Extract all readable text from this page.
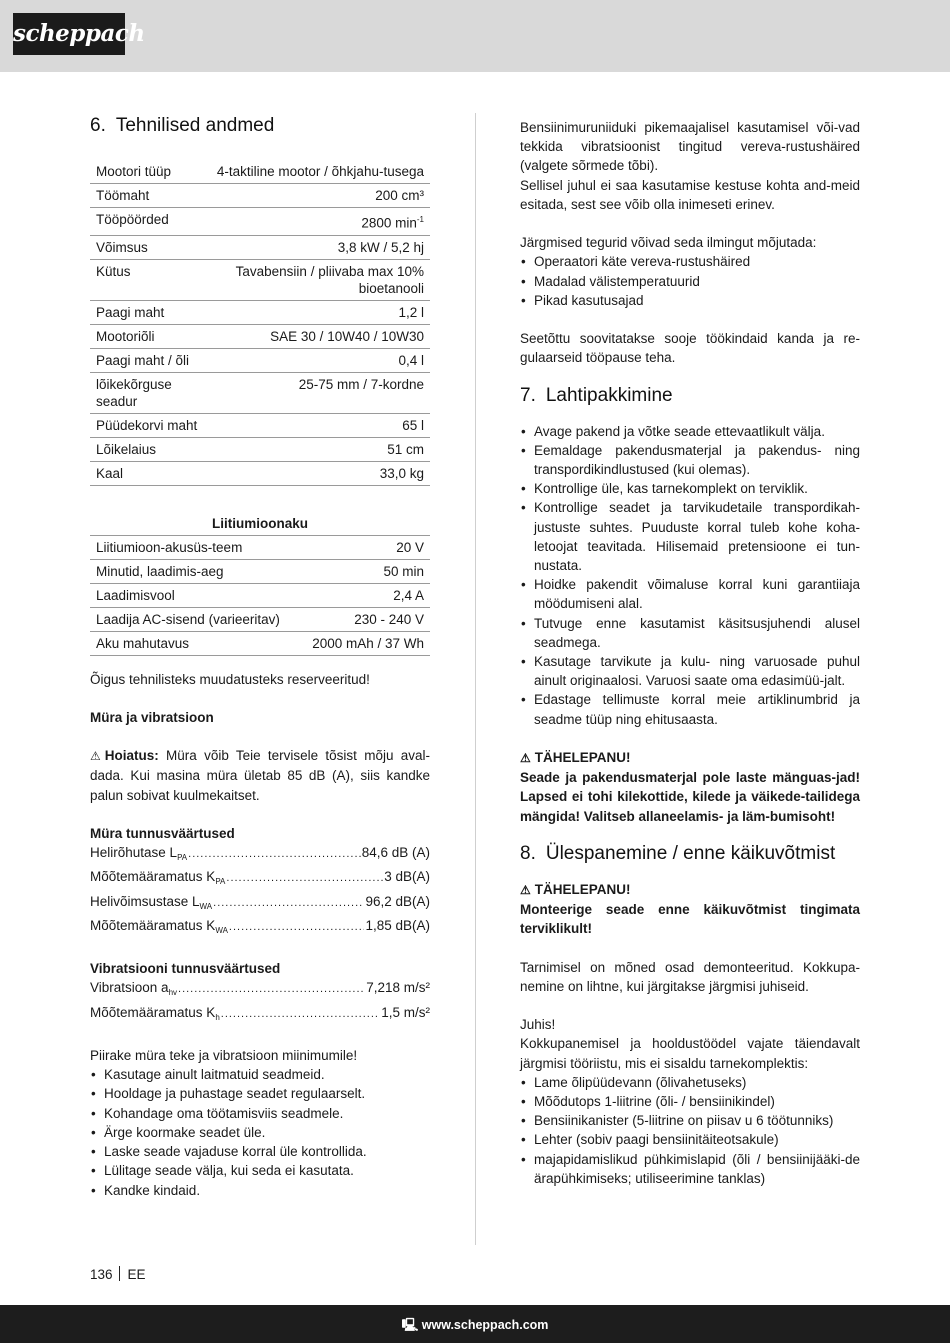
scheppach
6. Tehnilised andmed
Mootori tüüp	4-taktiline mootor / õhkjahu-tusega
Töömaht	200 cm³
Tööpöörded	2800 $\min^{-1}$
Võimsus	3,8 kW / 5,2 hj
Kütus	Tavabensiin / pliivaba max 10% bioetanooli
Paagi maht	1,2 l
Mootoriõli	SAE 30 / 10W40 / 10W30
Paagi maht / õli	0,4 l
lõikekõrguse seadur	25-75 mm / 7-kordne
Püüdekorvi maht	65 l
Lõikelaius	51 cm
Kaal	33,0 kg
Liitiumioonaku	
Liitiumioon-akusüs-teem	20 V
Minutid, laadimis-aeg	50 min
Laadimisvool	2,4 A
Laadija AC-sisend (varieeritav)	230 - 240 V
Aku mahutavus	2000 mAh / 37 Wh

Õigus tehnilisteks muudatusteks reserveeritud!

Müra ja vibratsioon

⚠ Hoiatus: Müra võib Teie tervisele tõsist mõju aval-dada. Kui masina müra ületab 85 dB (A), siis kandke palun sobivat kuulmekaitset.

Müra tunnusväärtused

Helirõhutase $L_{PA}$ .....	84,6 dB (A)
Mõõtemääramatus $K_{PA}$ .....	3 dB(A)
Helivõimsustase $L_{WA}$ .....	96,2 dB(A)
Mõõtemääramatus $K_{WA}$ .....	1,85 dB(A)

Vibratsiooni tunnusväärtused

Vibratsioon $a_{hv}$ .....	7,218 m/s²
Mõõtemääramatus $K_h$ .....	1,5 m/s²

Piirake müra teke ja vibratsioon miinimumile!

• Kasutage ainult laitmatuid seadmeid.
• Hooldage ja puhastage seadet regulaarselt.
• Kohandage oma töötamisviis seadmele.
• Ärge koormake seadet üle.
• Laske seade vajaduse korral üle kontrollida.
• Lülitage seade välja, kui seda ei kasutata.
• Kandke kindaid.

Bensiinimuruniiduki pikemaajalisel kasutamisel või-vad tekkida vibratsioonist tingitud vereva-rustushäired (valgete sõrmede tõbi).

Sellisel juhul ei saa kasutamise kestuse kohta and-meid esitada, sest see võib olla inimeseti erinev.

Järgmised tegurid võivad seda ilmingut mõjutada:

• Operaatori käte vereva-rustushäired
• Madalad välistemperatuurid
• Pikad kasutusajad

Seetõttu soovitatakse sooje töökindaid kanda ja re-gulaarseid tööpause teha.

7. Lahtipakkimine
• Avage pakend ja võtke seade ettevaatlikult välja.
• Eemaldage pakendusmaterjal ja pakendus- ning transpordikindlustused (kui olemas).
• Kontrollige üle, kas tarnekomplekt on terviklik.
• Kontrollige seadet ja tarvikudetaile transpordikah-justuste suhtes. Puuduste korral tuleb kohe koha-letoojat teavitada. Hilisemaid pretensioone ei tun-nustata.
• Hoidke pakendit võimaluse korral kuni garantiiaja möödumiseni alal.
• Tutvuge enne kasutamist käsitsusjuhendi alusel seadmega.
• Kasutage tarvikute ja kulu- ning varuosade puhul ainult originaalosi. Varuosi saate oma edasimüü-jalt.
• Edastage tellimuste korral meie artiklinumbrid ja seadme tüüp ning ehitusaasta.

⚠ TÄHELEPANU!

Seade ja pakendusmaterjal pole laste mänguas-jad! Lapsed ei tohi kilekottide, kilede ja väikede-tailidega mängida! Valitseb allaneelamis- ja läm-bumisoht!

8. Ülespanemine / enne käikuvõtmist

⚠ TÄHELEPANU!

Monteerige seade enne käikuvõtmist tingimata terviklikult!

Tarnimisel on mõned osad demonteeritud. Kokkupa-nemine on lihtne, kui järgitakse järgmisi juhiseid.

Juhis!

Kokkupanemisel ja hooldustöödel vajate täiendavalt järgmisi tööriistu, mis ei sisaldu tarnekomplektis:

• Lame õlipüüdevann (õlivahetuseks)
• Mõõdutops 1-liitrine (õli- / bensiinikindel)
• Bensiinikanister (5-liitrine on piisav u 6 töötunniks)
• Lehter (sobiv paagi bensiinitäiteotsakule)
• majapidamislikud pühkimislapid (õli / bensiinijääki-de ärapühkimiseks; utiliseerimine tanklas)
136 EE
🖳 www.scheppach.com
